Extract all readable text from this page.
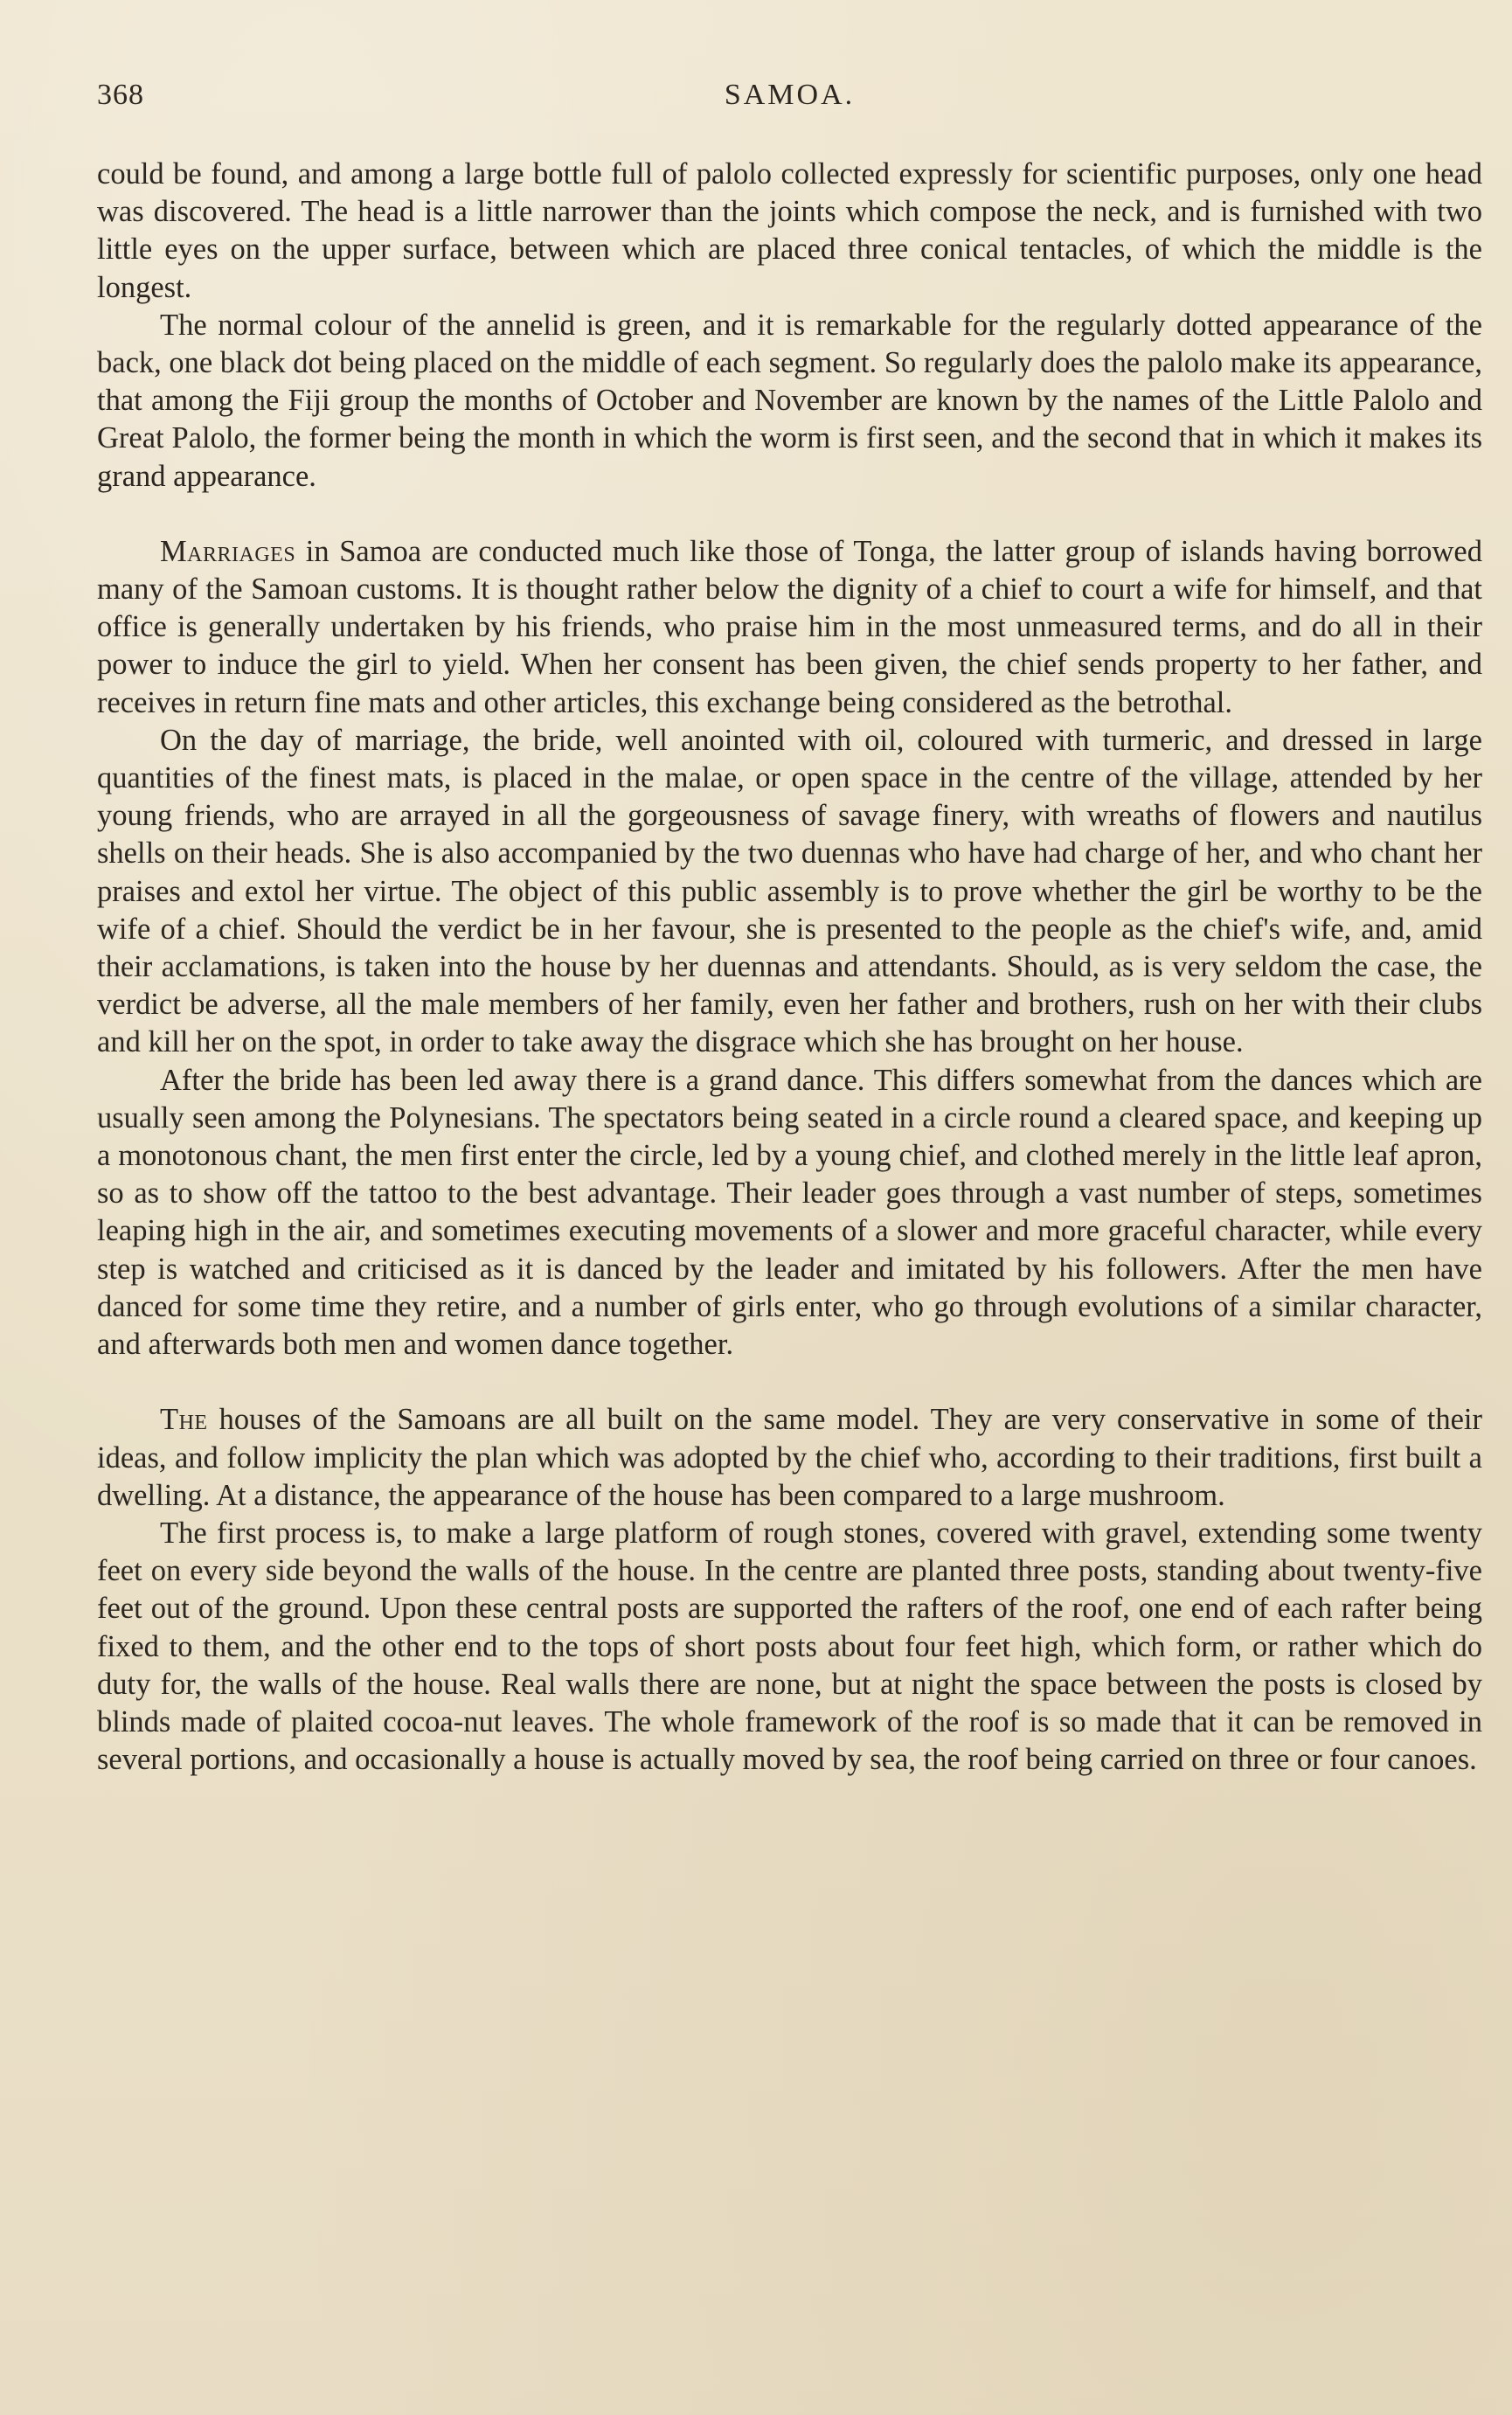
368	SAMOA.

could be found, and among a large bottle full of palolo collected expressly for scientific purposes, only one head was discovered. The head is a little narrower than the joints which compose the neck, and is furnished with two little eyes on the upper surface, between which are placed three conical tentacles, of which the middle is the longest.

The normal colour of the annelid is green, and it is remarkable for the regularly dotted appearance of the back, one black dot being placed on the middle of each segment. So regularly does the palolo make its appearance, that among the Fiji group the months of October and November are known by the names of the Little Palolo and Great Palolo, the former being the month in which the worm is first seen, and the second that in which it makes its grand appearance.

Marriages in Samoa are conducted much like those of Tonga, the latter group of islands having borrowed many of the Samoan customs. It is thought rather below the dignity of a chief to court a wife for himself, and that office is generally undertaken by his friends, who praise him in the most unmeasured terms, and do all in their power to induce the girl to yield. When her consent has been given, the chief sends property to her father, and receives in return fine mats and other articles, this exchange being considered as the betrothal.

On the day of marriage, the bride, well anointed with oil, coloured with turmeric, and dressed in large quantities of the finest mats, is placed in the malae, or open space in the centre of the village, attended by her young friends, who are arrayed in all the gorgeousness of savage finery, with wreaths of flowers and nautilus shells on their heads. She is also accompanied by the two duennas who have had charge of her, and who chant her praises and extol her virtue. The object of this public assembly is to prove whether the girl be worthy to be the wife of a chief. Should the verdict be in her favour, she is presented to the people as the chief's wife, and, amid their acclamations, is taken into the house by her duennas and attendants. Should, as is very seldom the case, the verdict be adverse, all the male members of her family, even her father and brothers, rush on her with their clubs and kill her on the spot, in order to take away the disgrace which she has brought on her house.

After the bride has been led away there is a grand dance. This differs somewhat from the dances which are usually seen among the Polynesians. The spectators being seated in a circle round a cleared space, and keeping up a monotonous chant, the men first enter the circle, led by a young chief, and clothed merely in the little leaf apron, so as to show off the tattoo to the best advantage. Their leader goes through a vast number of steps, sometimes leaping high in the air, and sometimes executing movements of a slower and more graceful character, while every step is watched and criticised as it is danced by the leader and imitated by his followers. After the men have danced for some time they retire, and a number of girls enter, who go through evolutions of a similar character, and afterwards both men and women dance together.

The houses of the Samoans are all built on the same model. They are very conservative in some of their ideas, and follow implicity the plan which was adopted by the chief who, according to their traditions, first built a dwelling. At a distance, the appearance of the house has been compared to a large mushroom.

The first process is, to make a large platform of rough stones, covered with gravel, extending some twenty feet on every side beyond the walls of the house. In the centre are planted three posts, standing about twenty-five feet out of the ground. Upon these central posts are supported the rafters of the roof, one end of each rafter being fixed to them, and the other end to the tops of short posts about four feet high, which form, or rather which do duty for, the walls of the house. Real walls there are none, but at night the space between the posts is closed by blinds made of plaited cocoa-nut leaves. The whole framework of the roof is so made that it can be removed in several portions, and occasionally a house is actually moved by sea, the roof being carried on three or four canoes.
